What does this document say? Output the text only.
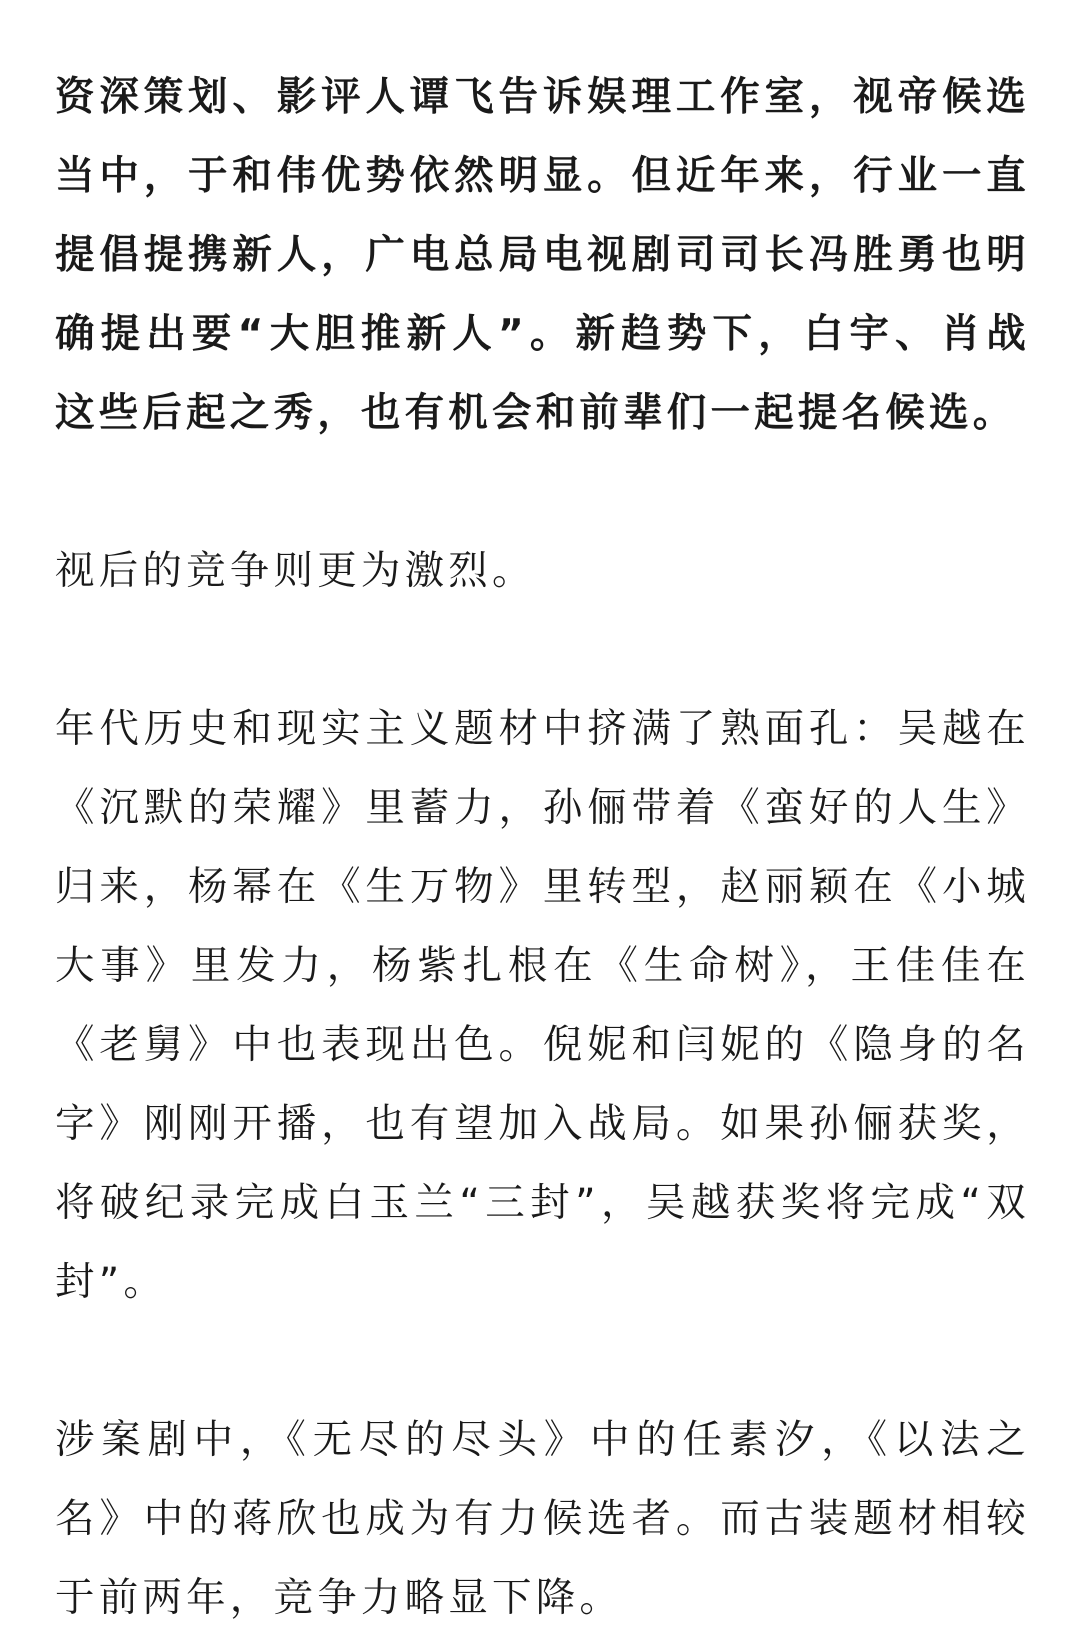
资深策划、影评人谭飞告诉娱理工作室，视帝候选当中，于和伟优势依然明显。但近年来，行业一直提倡提携新人，广电总局电视剧司司长冯胜勇也明确提出要“大胆推新人”。新趋势下，白宇、肖战这些后起之秀，也有机会和前辈们一起提名候选。

视后的竞争则更为激烈。

年代历史和现实主义题材中挤满了熟面孔：吴越在《沉默的荣耀》里蓄力，孙俪带着《蛮好的人生》归来，杨幂在《生万物》里转型，赵丽颖在《小城大事》里发力，杨紫扎根在《生命树》，王佳佳在《老舅》中也表现出色。倪妮和闫妮的《隐身的名字》刚刚开播，也有望加入战局。如果孙俪获奖，将破纪录完成白玉兰“三封”，吴越获奖将完成“双封”。

涉案剧中，《无尽的尽头》中的任素汐，《以法之名》中的蒋欣也成为有力候选者。而古装题材相较于前两年，竞争力略显下降。
